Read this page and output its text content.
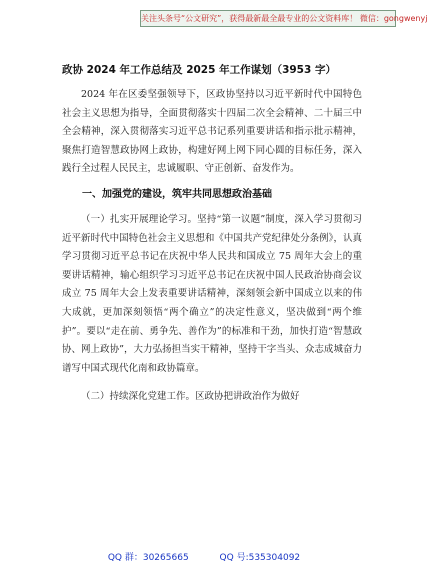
关注头条号“公文研究”，获得最新最全最专业的公文资料库！ 微信：gongwenyj
政协 2024 年工作总结及 2025 年工作谋划（3953 字）

2024 年在区委坚强领导下，区政协坚持以习近平新时代中国特色社会主义思想为指导，全面贯彻落实十四届二次全会精神、二十届三中全会精神，深入贯彻落实习近平总书记系列重要讲话和指示批示精神，聚焦打造智慧政协网上政协，构建好网上网下同心圆的目标任务，深入践行全过程人民民主，忠诚履职、守正创新、奋发作为。

一、加强党的建设，筑牢共同思想政治基础

（一）扎实开展理论学习。坚持“第一议题”制度，深入学习贯彻习近平新时代中国特色社会主义思想和《中国共产党纪律处分条例》，认真学习贯彻习近平总书记在庆祝中华人民共和国成立 75 周年大会上的重要讲话精神，输心组织学习习近平总书记在庆祝中国人民政治协商会议成立 75 周年大会上发表重要讲话精神，深刻领会新中国成立以来的伟大成就，更加深刻领悟“两个确立”的决定性意义，坚决做到“两个维护”。要以“走在前、勇争先、善作为”的标准和干劲，加快打造“智慧政协、网上政协”，大力弘扬担当实干精神，坚持干字当头、众志成城奋力谱写中国式现代化南和政协篇章。

（二）持续深化党建工作。区政协把讲政治作为做好

QQ 群：30265665	QQ 号:535304092
